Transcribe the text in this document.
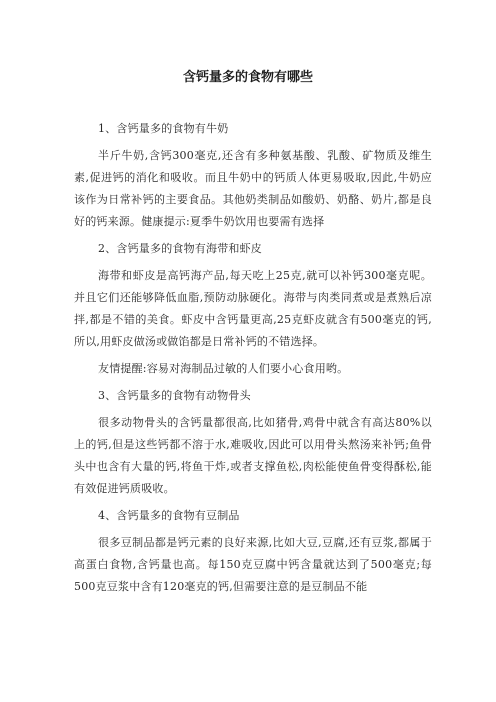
含钙量多的食物有哪些

1、含钙量多的食物有牛奶

半斤牛奶,含钙300毫克,还含有多种氨基酸、乳酸、矿物质及维生素,促进钙的消化和吸收。而且牛奶中的钙质人体更易吸取,因此,牛奶应该作为日常补钙的主要食品。其他奶类制品如酸奶、奶酪、奶片,都是良好的钙来源。健康提示:夏季牛奶饮用也要需有选择

2、含钙量多的食物有海带和虾皮

海带和虾皮是高钙海产品,每天吃上25克,就可以补钙300毫克呢。并且它们还能够降低血脂,预防动脉硬化。海带与肉类同煮或是煮熟后凉拌,都是不错的美食。虾皮中含钙量更高,25克虾皮就含有500毫克的钙,所以,用虾皮做汤或做馅都是日常补钙的不错选择。

友情提醒:容易对海制品过敏的人们要小心食用哟。

3、含钙量多的食物有动物骨头

很多动物骨头的含钙量都很高,比如猪骨,鸡骨中就含有高达80%以上的钙,但是这些钙都不溶于水,难吸收,因此可以用骨头熬汤来补钙;鱼骨头中也含有大量的钙,将鱼干炸,或者支撑鱼松,肉松能使鱼骨变得酥松,能有效促进钙质吸收。

4、含钙量多的食物有豆制品

很多豆制品都是钙元素的良好来源,比如大豆,豆腐,还有豆浆,都属于高蛋白食物,含钙量也高。每150克豆腐中钙含量就达到了500毫克;每500克豆浆中含有120毫克的钙,但需要注意的是豆制品不能
